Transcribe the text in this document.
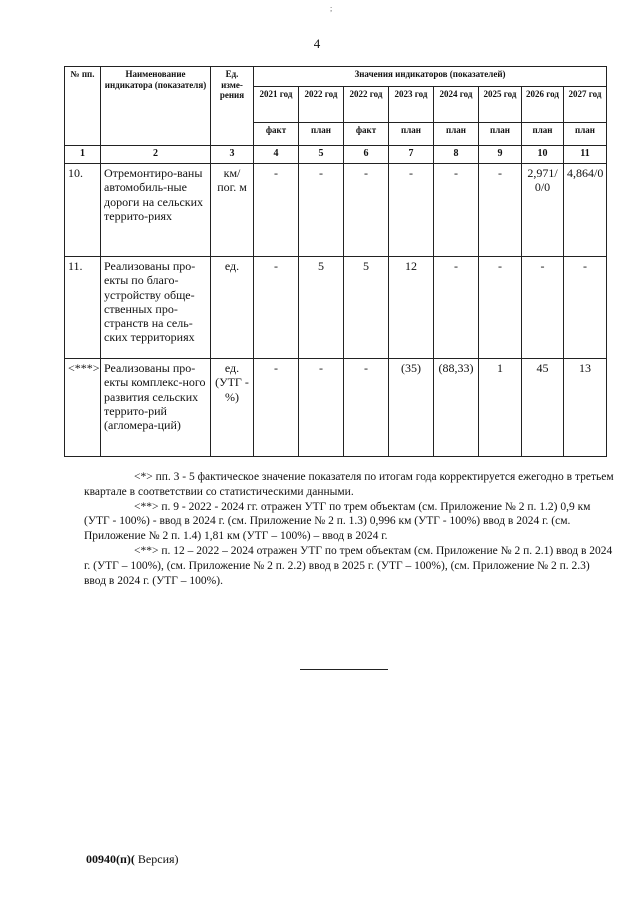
;
4
№ пп.	Наименование индикатора (показателя)	Ед. изме-рения	Значения индикаторов (показателей)							
			2021 год	2022 год	2022 год	2023 год	2024 год	2025 год	2026 год	2027 год
			факт	план	факт	план	план	план	план	план
1	2	3	4	5	6	7	8	9	10	11
10.	Отремонтиро-ваны автомобиль-ные дороги на сельских террито-риях	км/ пог. м	-	-	-	-	-	-	2,971/ 0/0	4,864/0
11.	Реализованы про-екты по благо-устройству обще-ственных про-странств на сель-ских территориях	ед.	-	5	5	12	-	-	-	-
<***>	Реализованы про-екты комплекс-ного развития сельских террито-рий (агломера-ций)	ед. (УТГ - %)	-	-	-	(35)	(88,33)	1	45	13

<*> пп. 3 - 5 фактическое значение показателя по итогам года корректируется ежегодно в третьем квартале в соответствии со статистическими данными.

<**> п. 9 - 2022 - 2024 гг. отражен УТГ по трем объектам (см. Приложение № 2 п. 1.2) 0,9 км (УТГ - 100%) - ввод в 2024 г. (см. Приложение № 2 п. 1.3) 0,996 км (УТГ - 100%) ввод в 2024 г. (см. Приложение № 2 п. 1.4) 1,81 км (УТГ – 100%) – ввод в 2024 г.

<**> п. 12 – 2022 – 2024 отражен УТГ по трем объектам (см. Приложение № 2 п. 2.1) ввод в 2024 г. (УТГ – 100%), (см. Приложение № 2 п. 2.2) ввод в 2025 г. (УТГ – 100%), (см. Приложение № 2 п. 2.3) ввод в 2024 г. (УТГ – 100%).

00940(п)( Версия)
